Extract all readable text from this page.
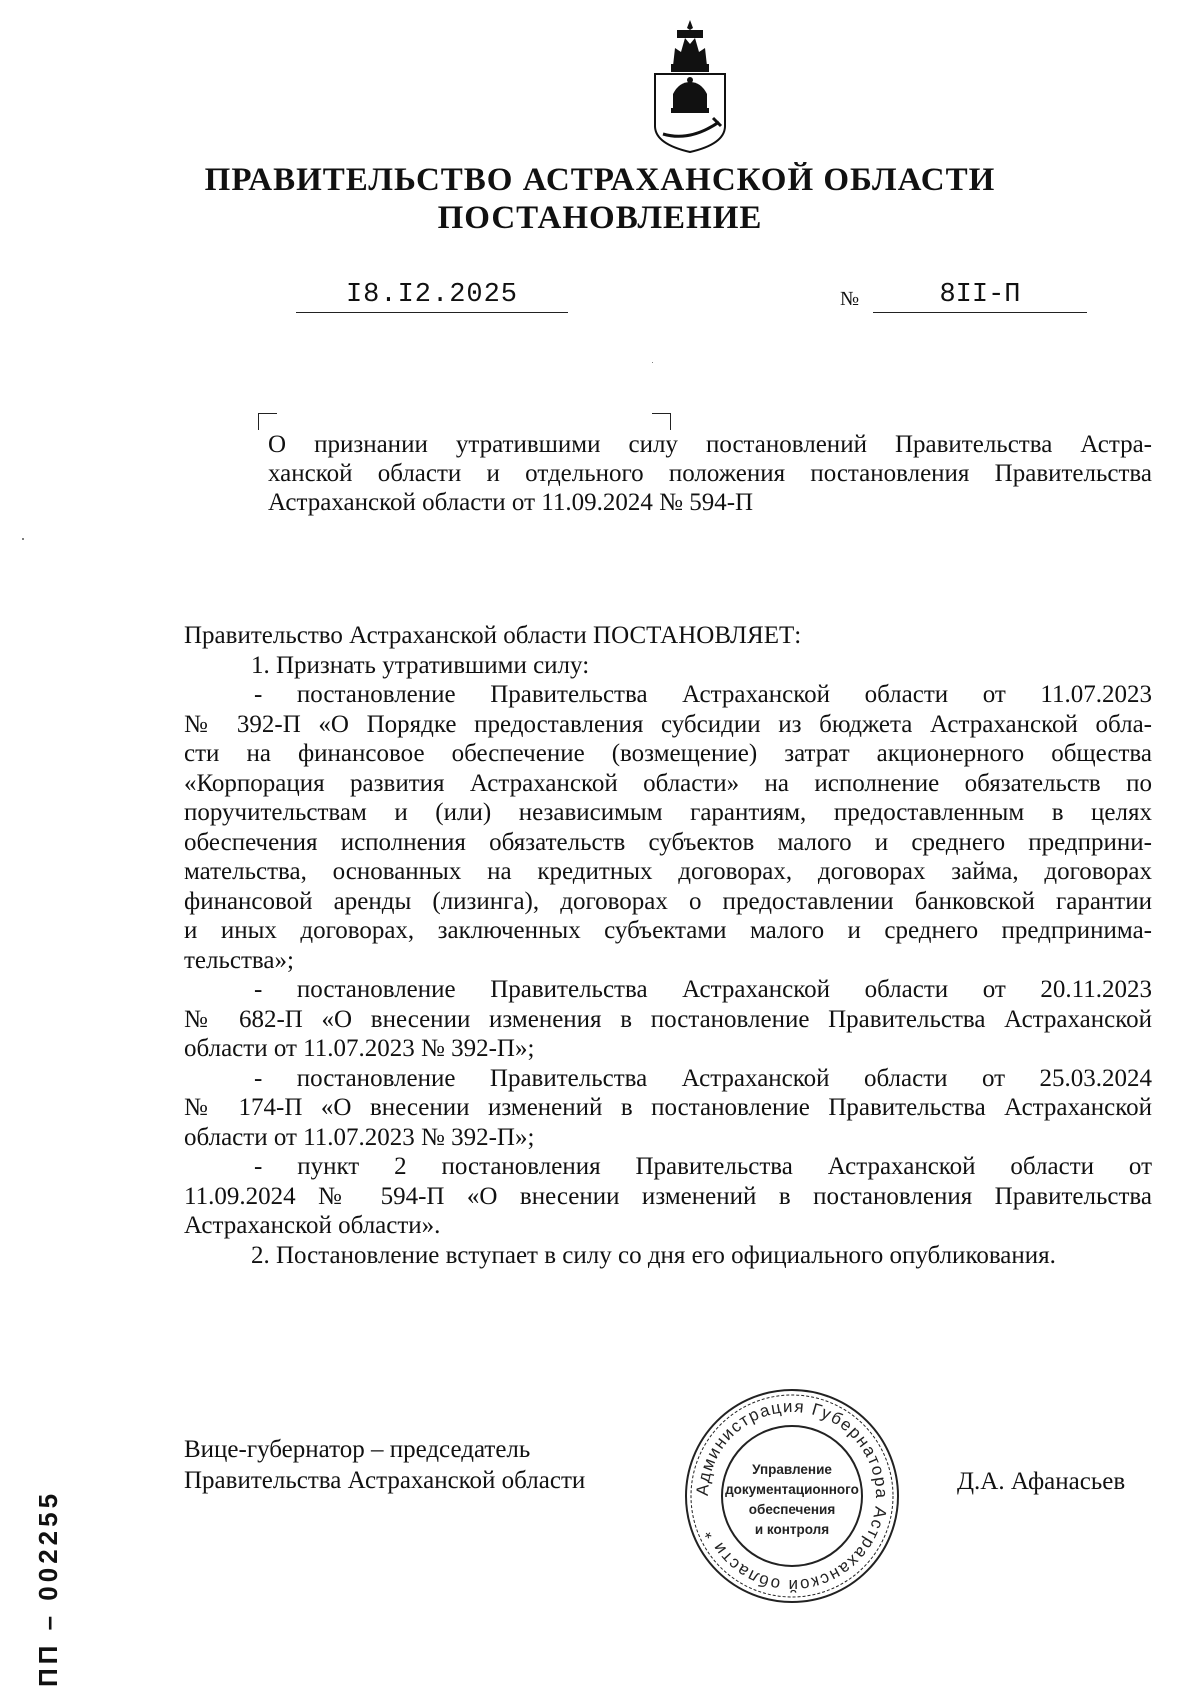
ПРАВИТЕЛЬСТВО АСТРАХАНСКОЙ ОБЛАСТИ
ПОСТАНОВЛЕНИЕ
I8.I2.2025	№	8II-П
О признании утратившими силу постановлений Правительства Астра-
ханской области и отдельного положения постановления Правительства
Астраханской области от 11.09.2024 № 594-П
Правительство Астраханской области ПОСТАНОВЛЯЕТ:
1. Признать утратившими силу:
- постановление Правительства Астраханской области от 11.07.2023
№ 392-П «О Порядке предоставления субсидии из бюджета Астраханской обла-
сти на финансовое обеспечение (возмещение) затрат акционерного общества
«Корпорация развития Астраханской области» на исполнение обязательств по
поручительствам и (или) независимым гарантиям, предоставленным в целях
обеспечения исполнения обязательств субъектов малого и среднего предприни-
мательства, основанных на кредитных договорах, договорах займа, договорах
финансовой аренды (лизинга), договорах о предоставлении банковской гарантии
и иных договорах, заключенных субъектами малого и среднего предпринима-
тельства»;
- постановление Правительства Астраханской области от 20.11.2023
№ 682-П «О внесении изменения в постановление Правительства Астраханской
области от 11.07.2023 № 392-П»;
- постановление Правительства Астраханской области от 25.03.2024
№ 174-П «О внесении изменений в постановление Правительства Астраханской
области от 11.07.2023 № 392-П»;
- пункт 2 постановления Правительства Астраханской области от
11.09.2024 № 594-П «О внесении изменений в постановления Правительства
Астраханской области».
2. Постановление вступает в силу со дня его официального опубликования.
Вице-губернатор – председатель
Правительства Астраханской области	Администрация Губернатора Астраханской области *
Управление
документационного
обеспечения
и контроля
Д.А. Афанасьев
ПП – 002255
